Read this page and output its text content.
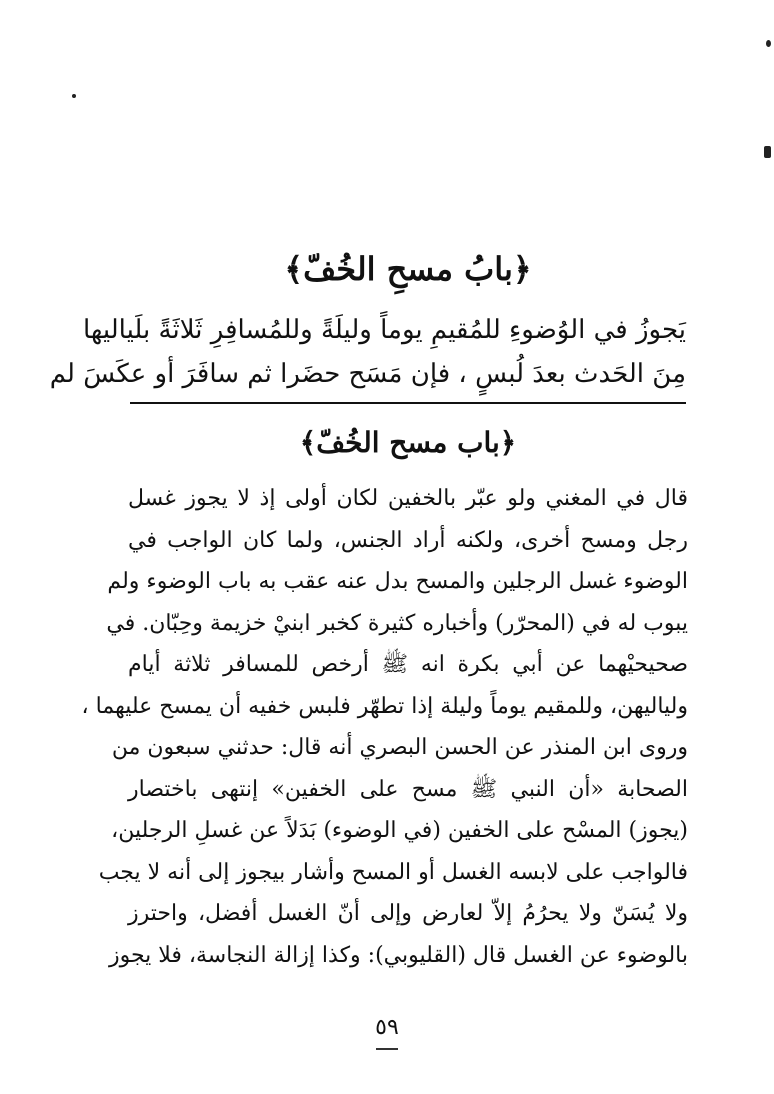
﴿بابُ مسحِ الخُفّ﴾
يَجوزُ في الوُضوءِ للمُقيمِ يوماً وليلَةً وللمُسافِرِ ثَلاثَةً بلَياليها
مِنَ الحَدث بعدَ لُبسٍ ، فإن مَسَح حضَرا ثم سافَرَ أو عكَسَ لم
﴿باب مسح الخُفّ﴾
قال في المغني ولو عبّر بالخفين لكان أولى إذ لا يجوز غسل
رجل ومسح أخرى، ولكنه أراد الجنس، ولما كان الواجب في
الوضوء غسل الرجلين والمسح بدل عنه عقب به باب الوضوء ولم
يبوب له في (المحرّر) وأخباره كثيرة كخبر ابنيْ خزيمة وحِبّان. في
صحيحيْهما عن أبي بكرة انه ﷺ أرخص للمسافر ثلاثة أيام
ولياليهن، وللمقيم يوماً وليلة إذا تطهّر فلبس خفيه أن يمسح عليهما ،
وروى ابن المنذر عن الحسن البصري أنه قال: حدثني سبعون من
الصحابة «أن النبي ﷺ مسح على الخفين» إنتهى باختصار
(يجوز) المسْح على الخفين (في الوضوء) بَدَلاً عن غسلِ الرجلين،
فالواجب على لابسه الغسل أو المسح وأشار بيجوز إلى أنه لا يجب
ولا يُسَنّ ولا يحرُمُ إلاّ لعارض وإلى أنّ الغسل أفضل، واحترز
بالوضوء عن الغسل قال (القليوبي): وكذا إزالة النجاسة، فلا يجوز
٥٩
